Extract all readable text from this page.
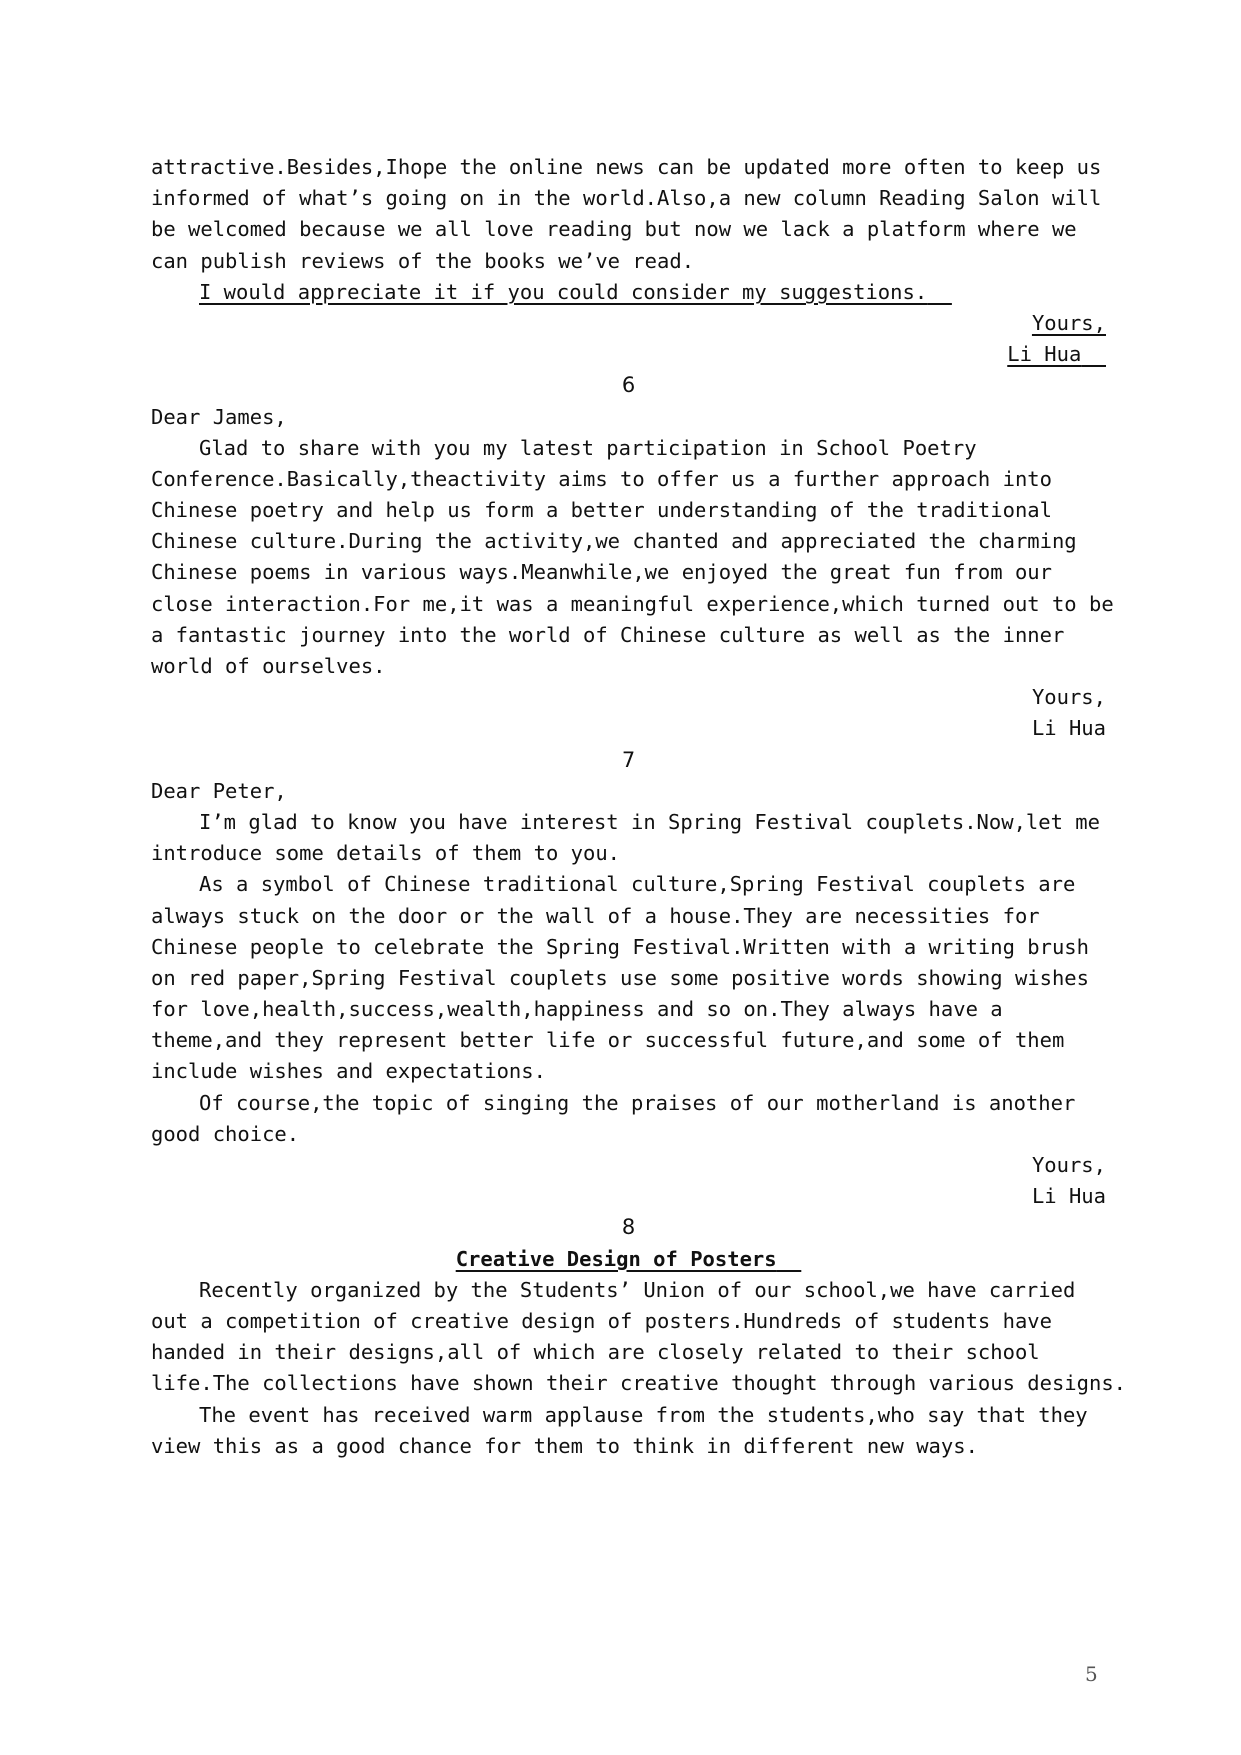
attractive.Besides,Ihope the online news can be updated more often to keep us
informed of what’s going on in the world.Also,a new column Reading Salon will
be welcomed because we all love reading but now we lack a platform where we
can publish reviews of the books we’ve read.
I would appreciate it if you could consider my suggestions.
Yours,
Li Hua
6
Dear James,
Glad to share with you my latest participation in School Poetry
Conference.Basically,theactivity aims to offer us a further approach into
Chinese poetry and help us form a better understanding of the traditional
Chinese culture.During the activity,we chanted and appreciated the charming
Chinese poems in various ways.Meanwhile,we enjoyed the great fun from our
close interaction.For me,it was a meaningful experience,which turned out to be
a fantastic journey into the world of Chinese culture as well as the inner
world of ourselves.
Yours,
Li Hua
7
Dear Peter,
I’m glad to know you have interest in Spring Festival couplets.Now,let me
introduce some details of them to you.
As a symbol of Chinese traditional culture,Spring Festival couplets are
always stuck on the door or the wall of a house.They are necessities for
Chinese people to celebrate the Spring Festival.Written with a writing brush
on red paper,Spring Festival couplets use some positive words showing wishes
for love,health,success,wealth,happiness and so on.They always have a
theme,and they represent better life or successful future,and some of them
include wishes and expectations.
Of course,the topic of singing the praises of our motherland is another
good choice.
Yours,
Li Hua
8
Creative Design of Posters
Recently organized by the Students’ Union of our school,we have carried
out a competition of creative design of posters.Hundreds of students have
handed in their designs,all of which are closely related to their school
life.The collections have shown their creative thought through various designs.
The event has received warm applause from the students,who say that they
view this as a good chance for them to think in different new ways.
5
